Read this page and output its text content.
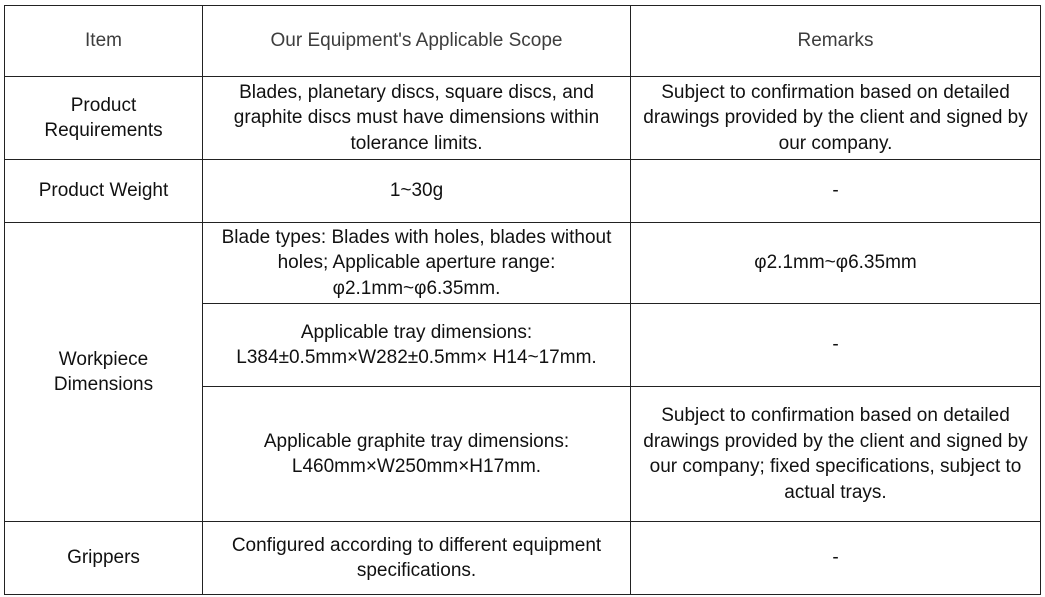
Item	Our Equipment's Applicable Scope	Remarks
Product Requirements	Blades, planetary discs, square discs, and graphite discs must have dimensions within tolerance limits.	Subject to confirmation based on detailed drawings provided by the client and signed by our company.
Product Weight	1~30g	-
Workpiece Dimensions	Blade types: Blades with holes, blades without holes; Applicable aperture range: φ2.1mm~φ6.35mm.	φ2.1mm~φ6.35mm
	Applicable tray dimensions: L384±0.5mm×W282±0.5mm× H14~17mm.	-
	Applicable graphite tray dimensions: L460mm×W250mm×H17mm.	Subject to confirmation based on detailed drawings provided by the client and signed by our company; fixed specifications, subject to actual trays.
Grippers	Configured according to different equipment specifications.	-
